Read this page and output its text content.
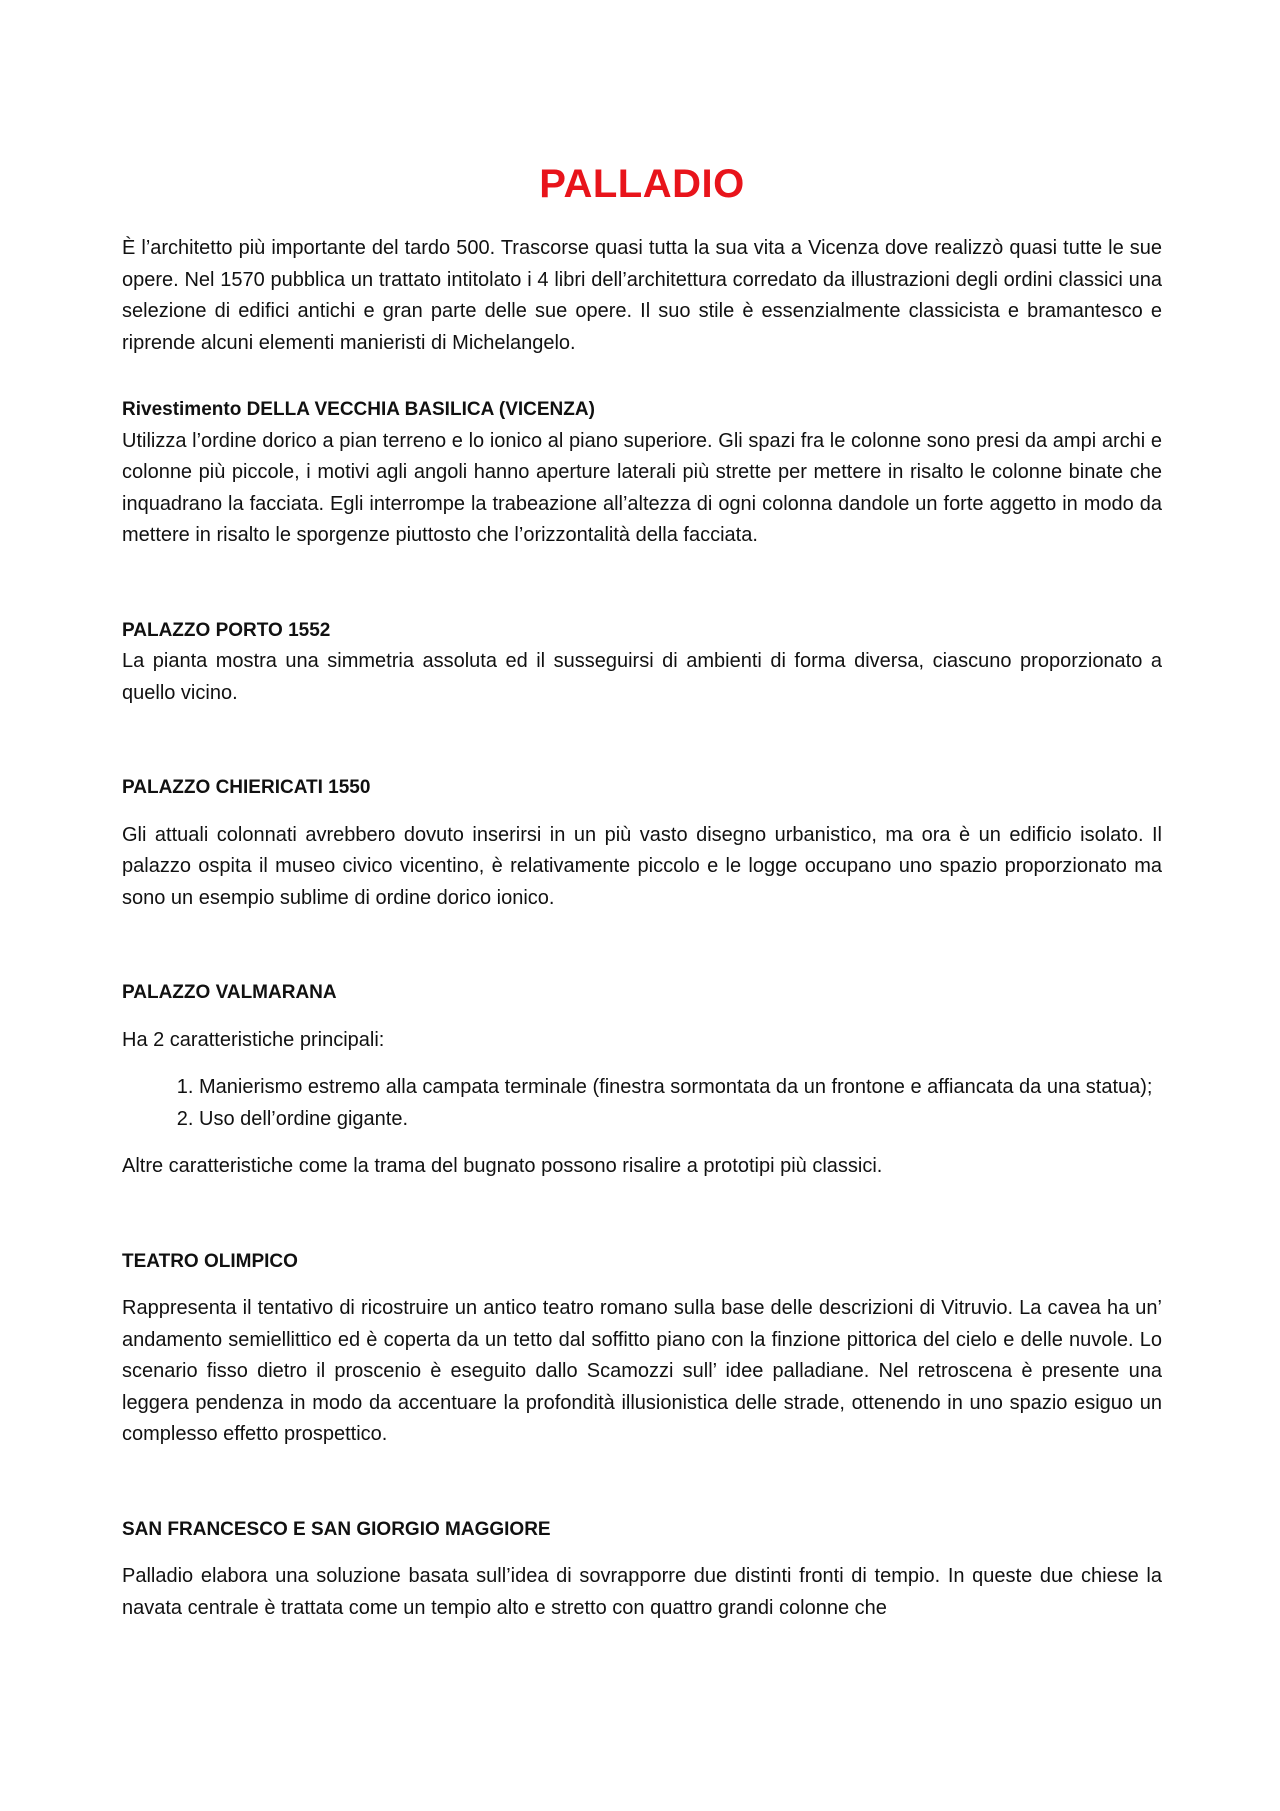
PALLADIO

È l’architetto più importante del tardo 500. Trascorse quasi tutta la sua vita a Vicenza dove realizzò quasi tutte le sue opere. Nel 1570 pubblica un trattato intitolato i 4 libri dell’architettura corredato da illustrazioni degli ordini classici una selezione di edifici antichi e gran parte delle sue opere. Il suo stile è essenzialmente classicista e bramantesco e riprende alcuni elementi manieristi di Michelangelo.

Rivestimento DELLA VECCHIA BASILICA (VICENZA)

Utilizza l’ordine dorico a pian terreno e lo ionico al piano superiore. Gli spazi fra le colonne sono presi da ampi archi e colonne più piccole, i motivi agli angoli hanno aperture laterali più strette per mettere in risalto le colonne binate che inquadrano la facciata. Egli interrompe la trabeazione all’altezza di ogni colonna dandole un forte aggetto in modo da mettere in risalto le sporgenze piuttosto che l’orizzontalità della facciata.

PALAZZO PORTO 1552

La pianta mostra una simmetria assoluta ed il susseguirsi di ambienti di forma diversa, ciascuno proporzionato a quello vicino.

PALAZZO CHIERICATI 1550

Gli attuali colonnati avrebbero dovuto inserirsi in un più vasto disegno urbanistico, ma ora è un edificio isolato. Il palazzo ospita il museo civico vicentino, è relativamente piccolo e le logge occupano uno spazio proporzionato ma sono un esempio sublime di ordine dorico ionico.

PALAZZO VALMARANA

Ha 2 caratteristiche principali:

1. Manierismo estremo alla campata terminale (finestra sormontata da un frontone e affiancata da una statua);
2. Uso dell’ordine gigante.

Altre caratteristiche come la trama del bugnato possono risalire a prototipi più classici.

TEATRO OLIMPICO

Rappresenta il tentativo di ricostruire un antico teatro romano sulla base delle descrizioni di Vitruvio. La cavea ha un’ andamento semiellittico ed è coperta da un tetto dal soffitto piano con la finzione pittorica del cielo e delle nuvole. Lo scenario fisso dietro il proscenio è eseguito dallo Scamozzi sull’ idee palladiane. Nel retroscena è presente una leggera pendenza in modo da accentuare la profondità illusionistica delle strade, ottenendo in uno spazio esiguo un complesso effetto prospettico.

SAN FRANCESCO E SAN GIORGIO MAGGIORE

Palladio elabora una soluzione basata sull’idea di sovrapporre due distinti fronti di tempio. In queste due chiese la navata centrale è trattata come un tempio alto e stretto con quattro grandi colonne che
